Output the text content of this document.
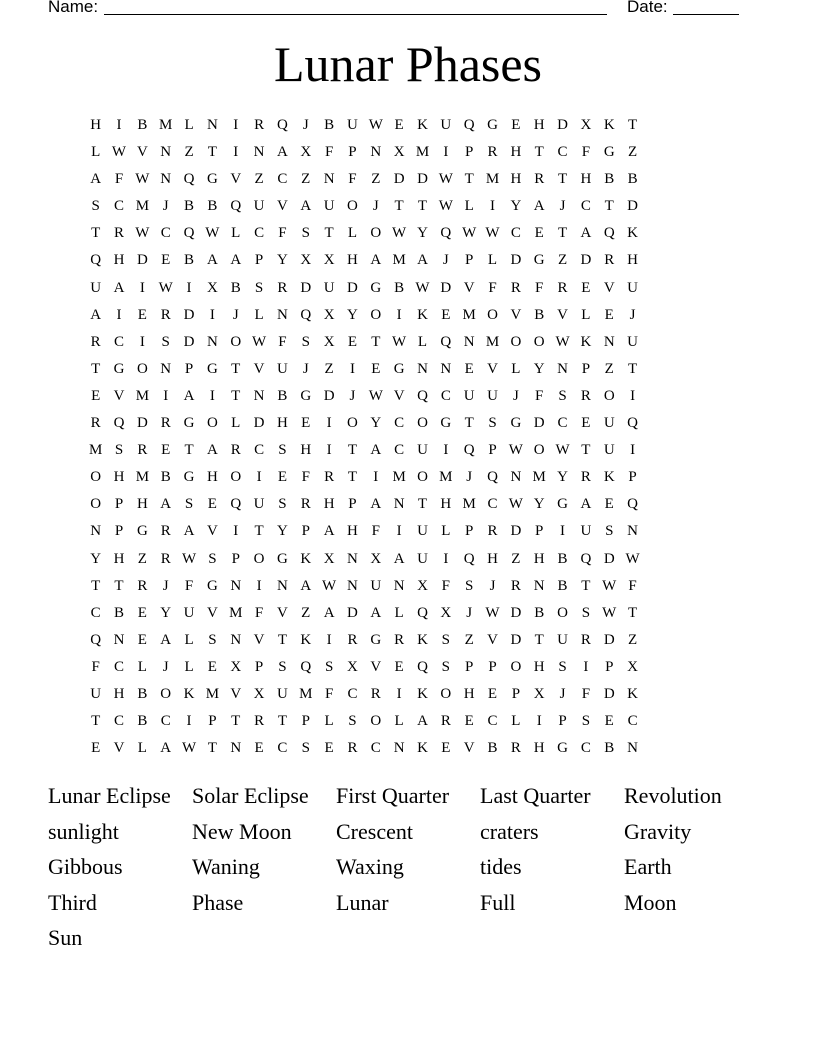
Name:	Date:
Lunar Phases
H	I	B M L N	I	R Q	J	B U W E K U Q G E H D X K T
L W V N Z T	I	N A X F	P N X M I	P R H T C F G Z
A F W N Q G V Z C Z N F Z D D W T M H R T H B B
S C M J	B B Q U V A U O	J	T T W L	I	Y A	J	C T D
T R W C Q W L C F	S T L O W Y Q W W C E T A Q K
Q H D E B A A P Y X X H A M A	J	P L D G Z D R H
U A	I W I	X B S R D U D G B W D V F R F R E V U
A	I	E R D	I	J	L N Q X Y O	I	K E M O V B V L E	J
R C	I	S D N O W F	S X E T W L Q N M O O W K N U
T G O N P G T V U	J	Z	I	E G N N E V L Y N P Z T
E V M I	A	I	T N B G D	J W V Q C U U	J	F	S R O	I
R Q D R G O L D H E	I	O Y C O G T S G D C E U Q
M S R E T A R C S H	I	T A C U	I	Q P W O W T U	I
O H M B G H O	I	E F R T	I M O M J	Q N M Y R K P
O P H A S E Q U S R H P A N T H M C W Y G A E Q
N P G R A V	I	T Y P A H F	I	U L P R D P	I	U S N
Y H Z R W S	P O G K X N X A U	I	Q H Z H B Q D W
T T R	J	F G N	I	N A W N U N X F	S	J	R N B T W F
C B E Y U V M F V Z A D A L Q X	J W D B O S W T
Q N E A L S N V T K	I	R G R K S Z V D T U R D Z
F C L	J	L E X P	S Q S X V E Q S	P	P O H S	I	P X
U H B O K M V X U M F C R	I	K O H E P X	J	F D K
T C B C	I	P T R T P L S O L A R E C L	I	P	S E C
E V L A W T N E C S E R C N K E V B R H G C B N
Lunar Eclipse Solar Eclipse	First Quarter	Last Quarter	Revolution
sunlight	New Moon	Crescent	craters	Gravity
Gibbous	Waning	Waxing	tides	Earth
Third	Phase	Lunar	Full	Moon
Sun
